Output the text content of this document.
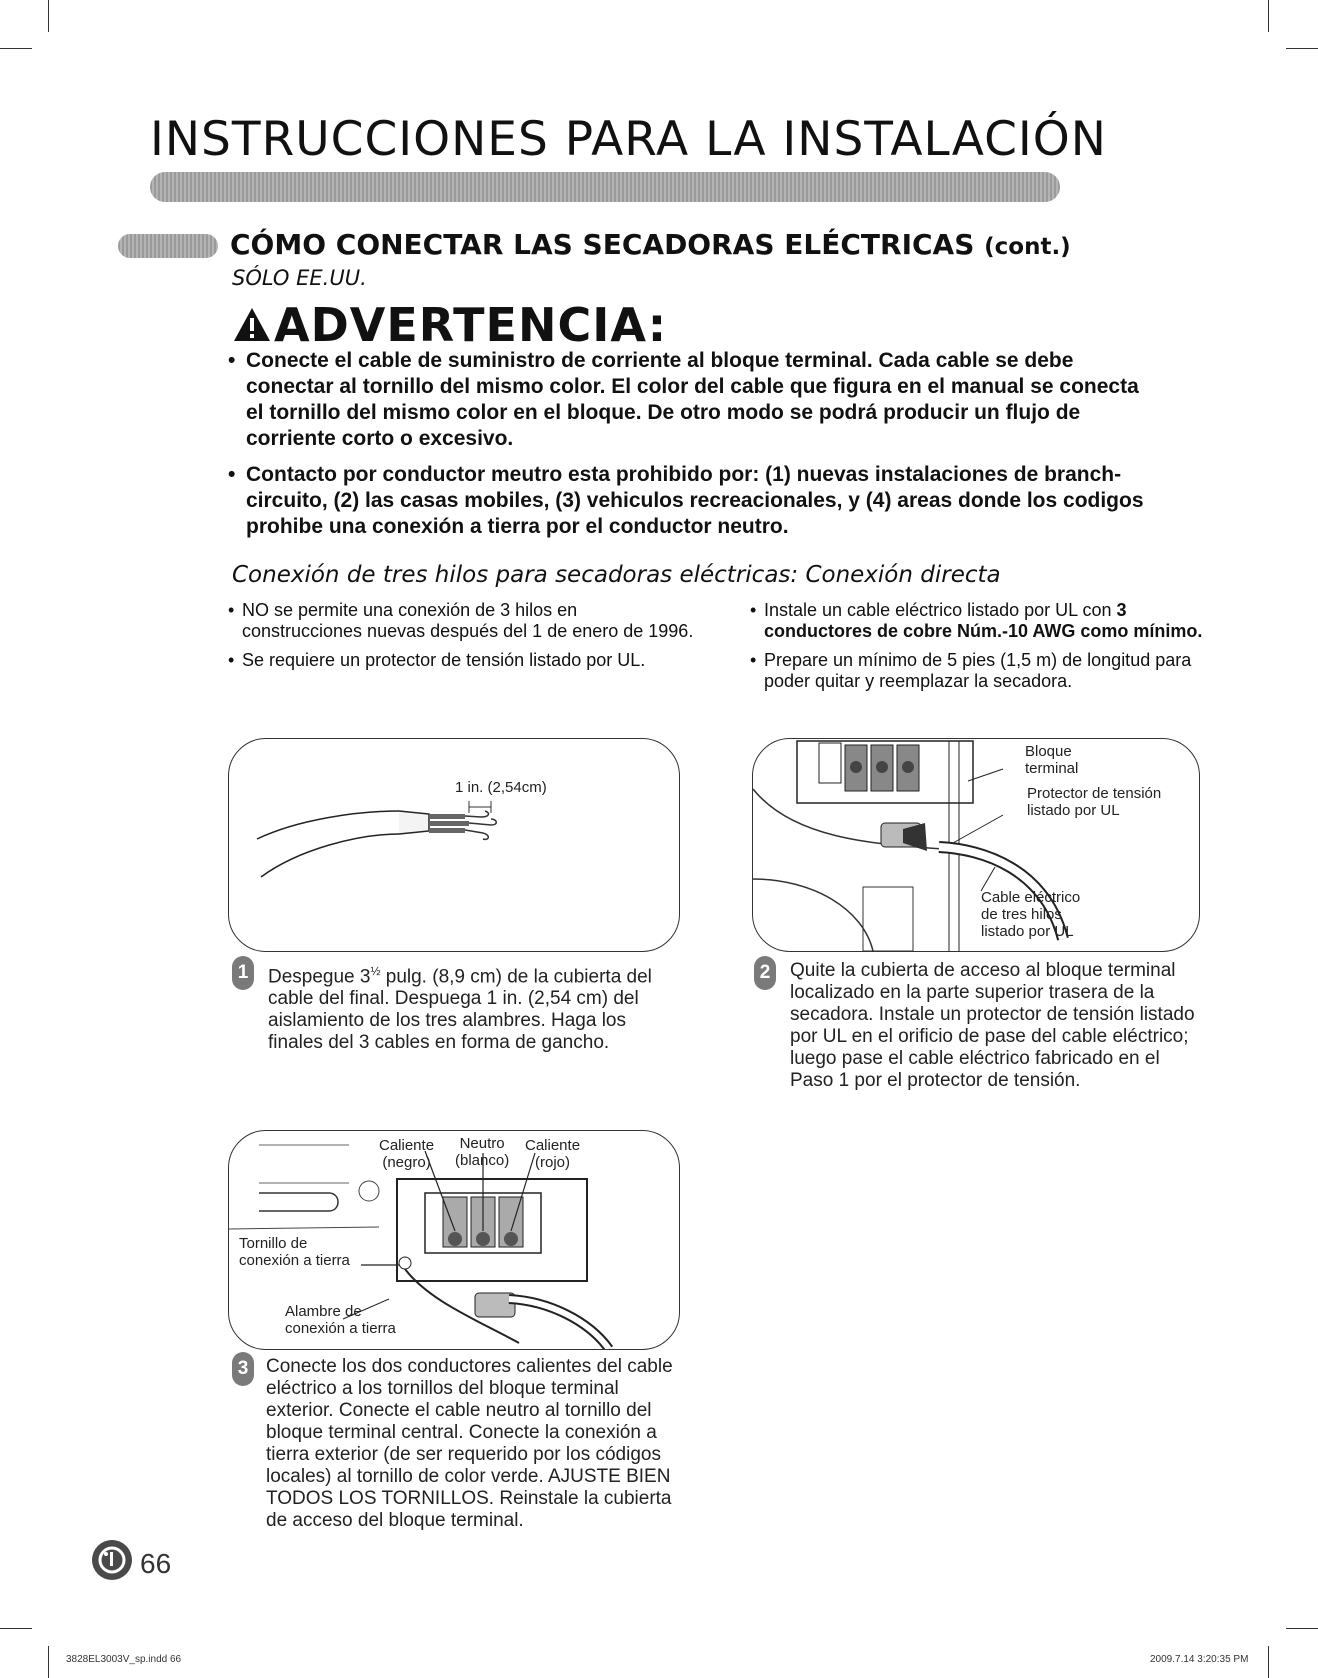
INSTRUCCIONES PARA LA INSTALACIÓN
CÓMO CONECTAR LAS SECADORAS ELÉCTRICAS (cont.)
SÓLO EE.UU.
ADVERTENCIA:
• Conecte el cable de suministro de corriente al bloque terminal. Cada cable se debe conectar al tornillo del mismo color. El color del cable que figura en el manual se conecta el tornillo del mismo color en el bloque. De otro modo se podrá producir un flujo de corriente corto o excesivo.
• Contacto por conductor meutro esta prohibido por: (1) nuevas instalaciones de branch-circuito, (2) las casas mobiles, (3) vehiculos recreacionales, y (4) areas donde los codigos prohibe una conexión a tierra por el conductor neutro.
Conexión de tres hilos para secadoras eléctricas: Conexión directa
• NO se permite una conexión de 3 hilos en construcciones nuevas después del 1 de enero de 1996.
• Se requiere un protector de tensión listado por UL.
• Instale un cable eléctrico listado por UL con 3 conductores de cobre Núm.-10 AWG como mínimo.
• Prepare un mínimo de 5 pies (1,5 m) de longitud para poder quitar y reemplazar la secadora.
1 in. (2,54cm)
1	Despegue $3^{\frac{1}{2}}$ pulg. (8,9 cm) de la cubierta del cable del final. Despuega 1 in. (2,54 cm) del aislamiento de los tres alambres. Haga los finales del 3 cables en forma de gancho.
Bloque
terminal
Protector de tensión
listado por UL
Cable eléctrico
de tres hilos
listado por UL
2	Quite la cubierta de acceso al bloque terminal localizado en la parte superior trasera de la secadora. Instale un protector de tensión listado por UL en el orificio de pase del cable eléctrico; luego pase el cable eléctrico fabricado en el Paso 1 por el protector de tensión.
Caliente
(negro)
Neutro
(blanco)
Caliente
(rojo)
Tornillo de
conexión a tierra
Alambre de
conexión a tierra
3 Conecte los dos conductores calientes del cable eléctrico a los tornillos del bloque terminal exterior. Conecte el cable neutro al tornillo del bloque terminal central. Conecte la conexión a tierra exterior (de ser requerido por los códigos locales) al tornillo de color verde. AJUSTE BIEN TODOS LOS TORNILLOS. Reinstale la cubierta de acceso del bloque terminal.
66
3828EL3003V_sp.indd 66	2009.7.14 3:20:35 PM
